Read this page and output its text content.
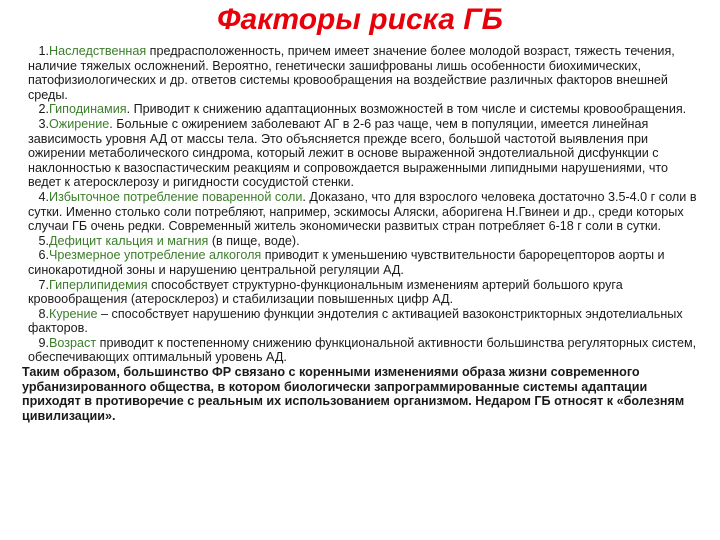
Факторы риска ГБ

1.Наследственная предрасположенность, причем имеет значение более молодой возраст, тяжесть течения, наличие тяжелых осложнений. Вероятно, генетически зашифрованы лишь особенности биохимических, патофизиологических и др. ответов системы кровообращения на воздействие различных факторов внешней среды.

2.Гиподинамия. Приводит к снижению адаптационных возможностей в том числе и системы кровообращения.

3.Ожирение. Больные с ожирением заболевают АГ в 2-6 раз чаще, чем в популяции, имеется линейная зависимость уровня АД от массы тела. Это объясняется прежде всего, большой частотой выявления при ожирении метаболического синдрома, который лежит в основе выраженной эндотелиальной дисфункции с наклонностью к вазоспастическим реакциям и сопровождается выраженными липидными нарушениями, что ведет к атеросклерозу и ригидности сосудистой стенки.

4.Избыточное потребление поваренной соли. Доказано, что для взрослого человека достаточно 3.5-4.0 г соли в сутки. Именно столько соли потребляют, например, эскимосы Аляски, аборигена Н.Гвинеи и др., среди которых случаи ГБ очень редки. Современный житель экономически развитых стран потребляет 6-18 г соли в сутки.

5.Дефицит кальция и магния (в пище, воде).

6.Чрезмерное употребление алкоголя приводит к уменьшению чувствительности барорецепторов аорты и синокаротидной зоны и нарушению центральной регуляции АД.

7.Гиперлипидемия способствует структурно-функциональным изменениям артерий большого круга кровообращения (атеросклероз) и стабилизации повышенных цифр АД.

8.Курение – способствует нарушению функции эндотелия с активацией вазоконстрикторных эндотелиальных факторов.

9.Возраст приводит к постепенному снижению функциональной активности большинства регуляторных систем, обеспечивающих оптимальный уровень АД.

Таким образом, большинство ФР связано с коренными изменениями образа жизни современного урбанизированного общества, в котором биологически запрограммированные системы адаптации приходят в противоречие с реальным их использованием организмом. Недаром ГБ относят к «болезням цивилизации».
